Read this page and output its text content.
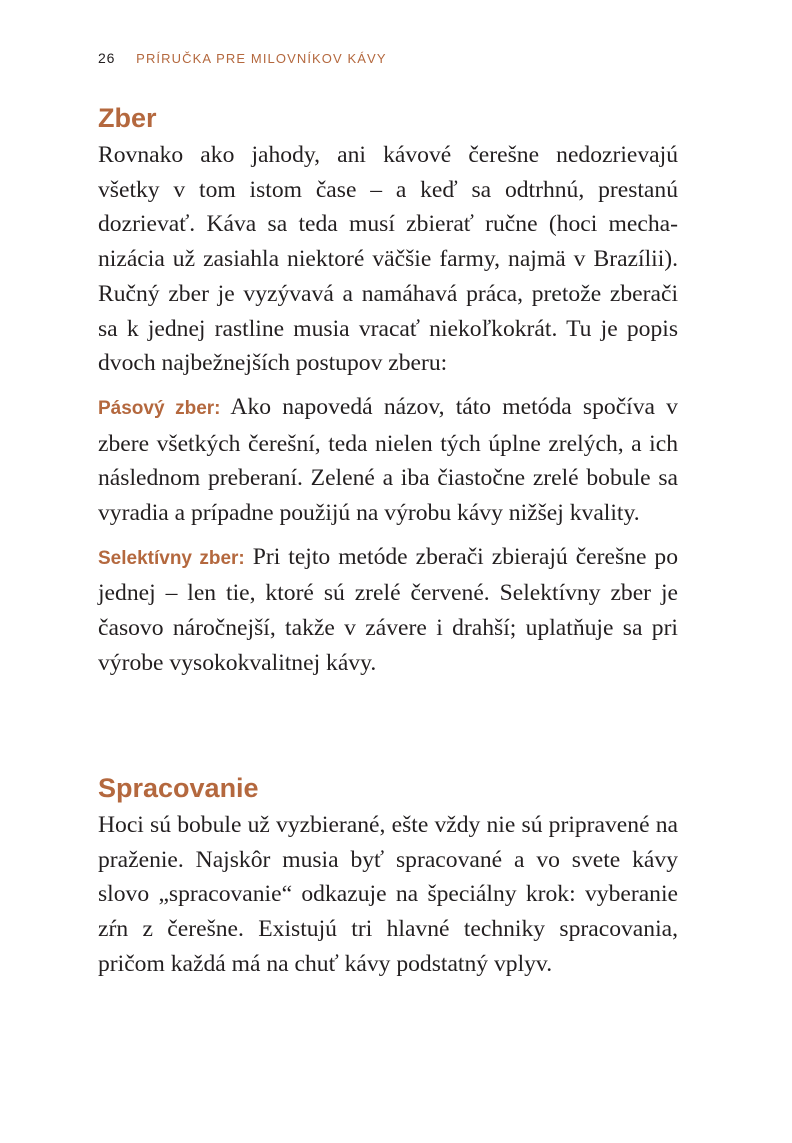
26 PRÍRUČKA PRE MILOVNÍKOV KÁVY
Zber

Rovnako ako jahody, ani kávové čerešne nedozrievajú všetky v tom istom čase – a keď sa odtrhnú, prestanú dozrievať. Káva sa teda musí zbierať ručne (hoci mechanizácia už zasiahla niektoré väčšie farmy, najmä v Brazílii). Ručný zber je vyzývavá a namáhavá práca, pretože zberači sa k jednej rastline musia vracať niekoľkokrát. Tu je popis dvoch najbežnejších postupov zberu:

Pásový zber: Ako napovedá názov, táto metóda spočíva v zbere všetkých čerešní, teda nielen tých úplne zrelých, a ich následnom preberaní. Zelené a iba čiastočne zrelé bobule sa vyradia a prípadne použijú na výrobu kávy nižšej kvality.

Selektívny zber: Pri tejto metóde zberači zbierajú čerešne po jednej – len tie, ktoré sú zrelé červené. Selektívny zber je časovo náročnejší, takže v závere i drahší; uplatňuje sa pri výrobe vysokokvalitnej kávy.

Spracovanie

Hoci sú bobule už vyzbierané, ešte vždy nie sú pripravené na praženie. Najskôr musia byť spracované a vo svete kávy slovo „spracovanie“ odkazuje na špeciálny krok: vyberanie zŕn z čerešne. Existujú tri hlavné techniky spracovania, pričom každá má na chuť kávy podstatný vplyv.
